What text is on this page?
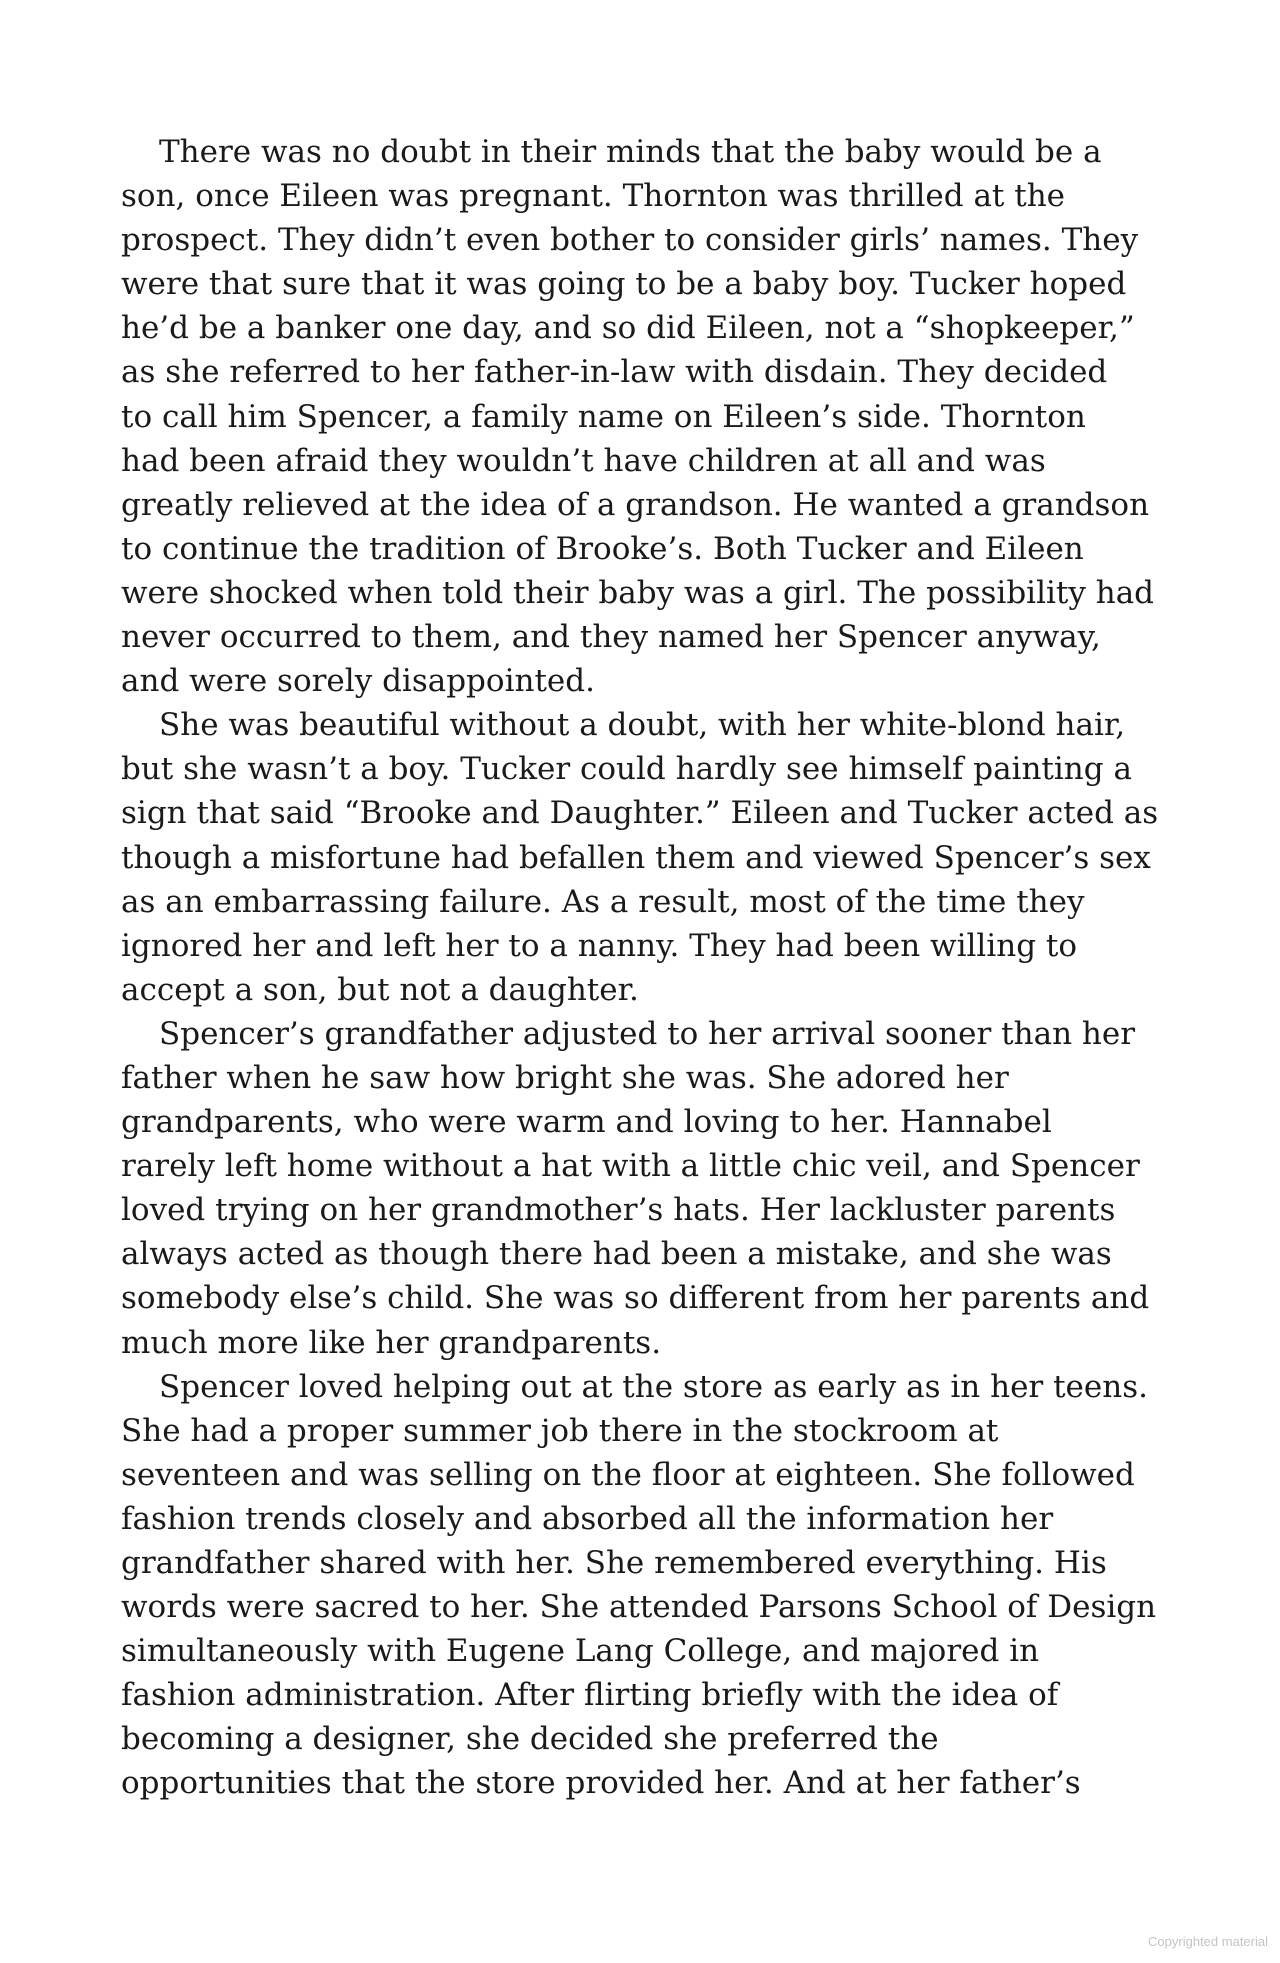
There was no doubt in their minds that the baby would be a
son, once Eileen was pregnant. Thornton was thrilled at the
prospect. They didn’t even bother to consider girls’ names. They
were that sure that it was going to be a baby boy. Tucker hoped
he’d be a banker one day, and so did Eileen, not a “shopkeeper,”
as she referred to her father-in-law with disdain. They decided
to call him Spencer, a family name on Eileen’s side. Thornton
had been afraid they wouldn’t have children at all and was
greatly relieved at the idea of a grandson. He wanted a grandson
to continue the tradition of Brooke’s. Both Tucker and Eileen
were shocked when told their baby was a girl. The possibility had
never occurred to them, and they named her Spencer anyway,
and were sorely disappointed.

She was beautiful without a doubt, with her white-blond hair,
but she wasn’t a boy. Tucker could hardly see himself painting a
sign that said “Brooke and Daughter.” Eileen and Tucker acted as
though a misfortune had befallen them and viewed Spencer’s sex
as an embarrassing failure. As a result, most of the time they
ignored her and left her to a nanny. They had been willing to
accept a son, but not a daughter.

Spencer’s grandfather adjusted to her arrival sooner than her
father when he saw how bright she was. She adored her
grandparents, who were warm and loving to her. Hannabel
rarely left home without a hat with a little chic veil, and Spencer
loved trying on her grandmother’s hats. Her lackluster parents
always acted as though there had been a mistake, and she was
somebody else’s child. She was so different from her parents and
much more like her grandparents.

Spencer loved helping out at the store as early as in her teens.
She had a proper summer job there in the stockroom at
seventeen and was selling on the floor at eighteen. She followed
fashion trends closely and absorbed all the information her
grandfather shared with her. She remembered everything. His
words were sacred to her. She attended Parsons School of Design
simultaneously with Eugene Lang College, and majored in
fashion administration. After flirting briefly with the idea of
becoming a designer, she decided she preferred the
opportunities that the store provided her. And at her father’s

Copyrighted material
